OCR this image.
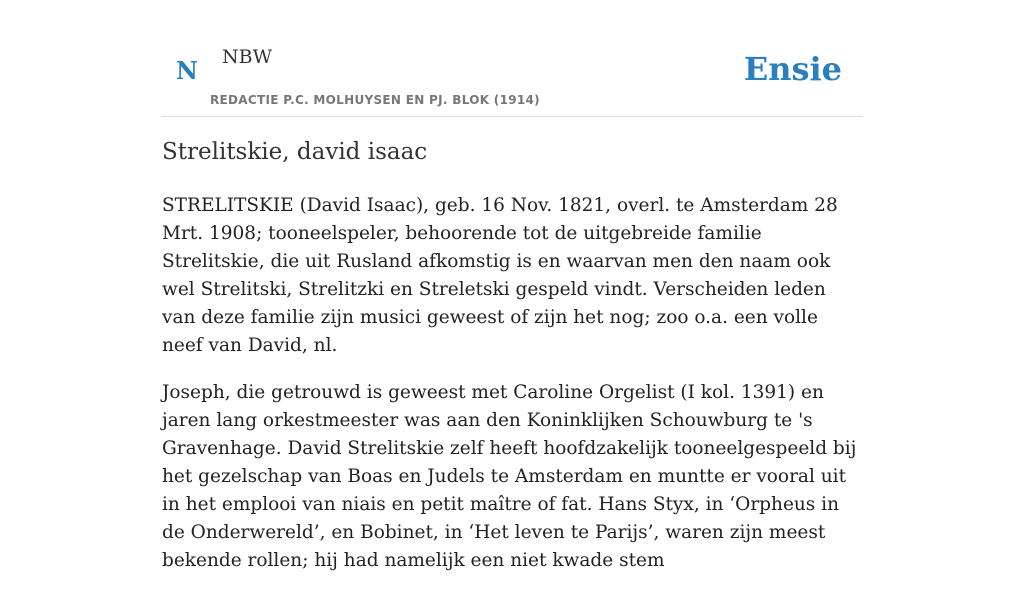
N NBW
REDACTIE P.C. MOLHUYSEN EN PJ. BLOK (1914)
Ensie
Strelitskie, david isaac

STRELITSKIE (David Isaac), geb. 16 Nov. 1821, overl. te Amsterdam 28 Mrt. 1908; tooneelspeler, behoorende tot de uitgebreide familie Strelitskie, die uit Rusland afkomstig is en waarvan men den naam ook wel Strelitski, Strelitzki en Streletski gespeld vindt. Verscheiden leden van deze familie zijn musici geweest of zijn het nog; zoo o.a. een volle neef van David, nl.

Joseph, die getrouwd is geweest met Caroline Orgelist (I kol. 1391) en jaren lang orkestmeester was aan den Koninklijken Schouwburg te 's Gravenhage. David Strelitskie zelf heeft hoofdzakelijk tooneelgespeeld bij het gezelschap van Boas en Judels te Amsterdam en muntte er vooral uit in het emplooi van niais en petit maître of fat. Hans Styx, in ‘Orpheus in de Onderwereld’, en Bobinet, in ‘Het leven te Parijs’, waren zijn meest bekende rollen; hij had namelijk een niet kwade stem
